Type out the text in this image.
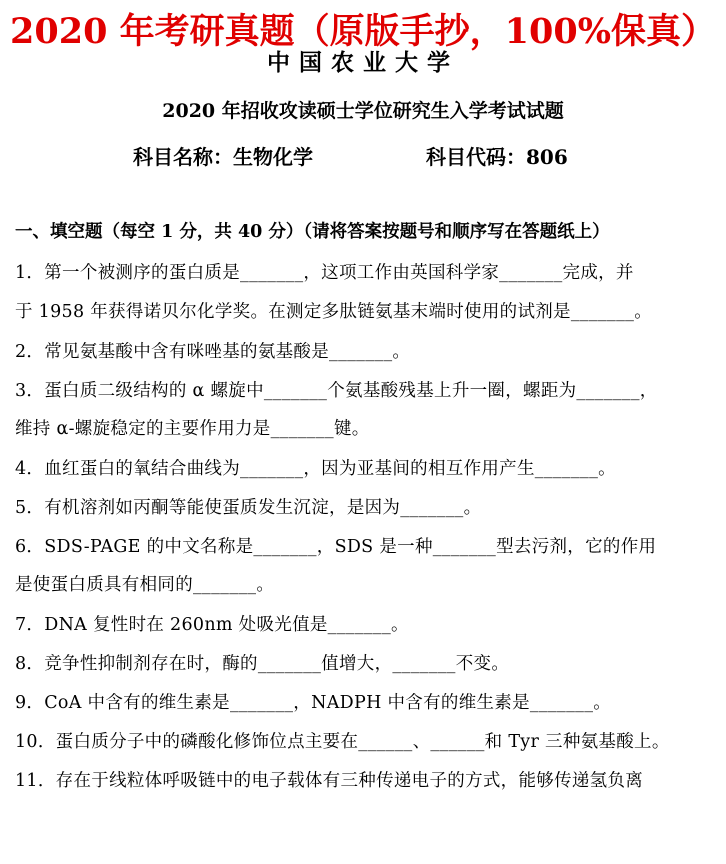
2020 年考研真题（原版手抄，100%保真）
中国农业大学
2020 年招收攻读硕士学位研究生入学考试试题
科目名称：生物化学	科目代码：806
一、填空题（每空 1 分，共 40 分）（请将答案按题号和顺序写在答题纸上）
1．第一个被测序的蛋白质是_______，这项工作由英国科学家_______完成，并
于 1958 年获得诺贝尔化学奖。在测定多肽链氨基末端时使用的试剂是_______。
2．常见氨基酸中含有咪唑基的氨基酸是_______。
3．蛋白质二级结构的 α 螺旋中_______个氨基酸残基上升一圈，螺距为_______，
维持 α-螺旋稳定的主要作用力是_______键。
4．血红蛋白的氧结合曲线为_______，因为亚基间的相互作用产生_______。
5．有机溶剂如丙酮等能使蛋质发生沉淀，是因为_______。
6．SDS-PAGE 的中文名称是_______，SDS 是一种_______型去污剂，它的作用
是使蛋白质具有相同的_______。
7．DNA 复性时在 260nm 处吸光值是_______。
8．竞争性抑制剂存在时，酶的_______值增大，_______不变。
9．CoA 中含有的维生素是_______，NADPH 中含有的维生素是_______。
10．蛋白质分子中的磷酸化修饰位点主要在______、______和 Tyr 三种氨基酸上。
11．存在于线粒体呼吸链中的电子载体有三种传递电子的方式，能够传递氢负离
